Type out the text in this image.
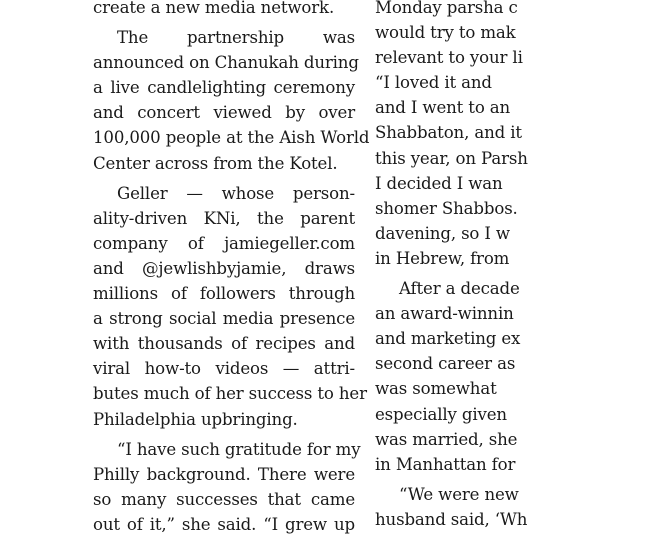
create a new media network.
The partnership was
announced on Chanukah during
a live candlelighting ceremony
and concert viewed by over
100,000 people at the Aish World
Center across from the Kotel.
Geller — whose person-
ality-driven KNi, the parent
company of jamiegeller.com
and @jewlishbyjamie, draws
millions of followers through
a strong social media presence
with thousands of recipes and
viral how-to videos — attri-
butes much of her success to her
Philadelphia upbringing.
“I have such gratitude for my
Philly background. There were
so many successes that came
out of it,” she said. “I grew up
Monday parsha c
would try to mak
relevant to your li
“I loved it and
and I went to an
Shabbaton, and it
this year, on Parsh
I decided I wan
shomer Shabbos.
davening, so I w
in Hebrew, from
After a decade
an award-winnin
and marketing ex
second career as
was somewhat
especially given
was married, she
in Manhattan for
“We were new
husband said, ‘Wh
